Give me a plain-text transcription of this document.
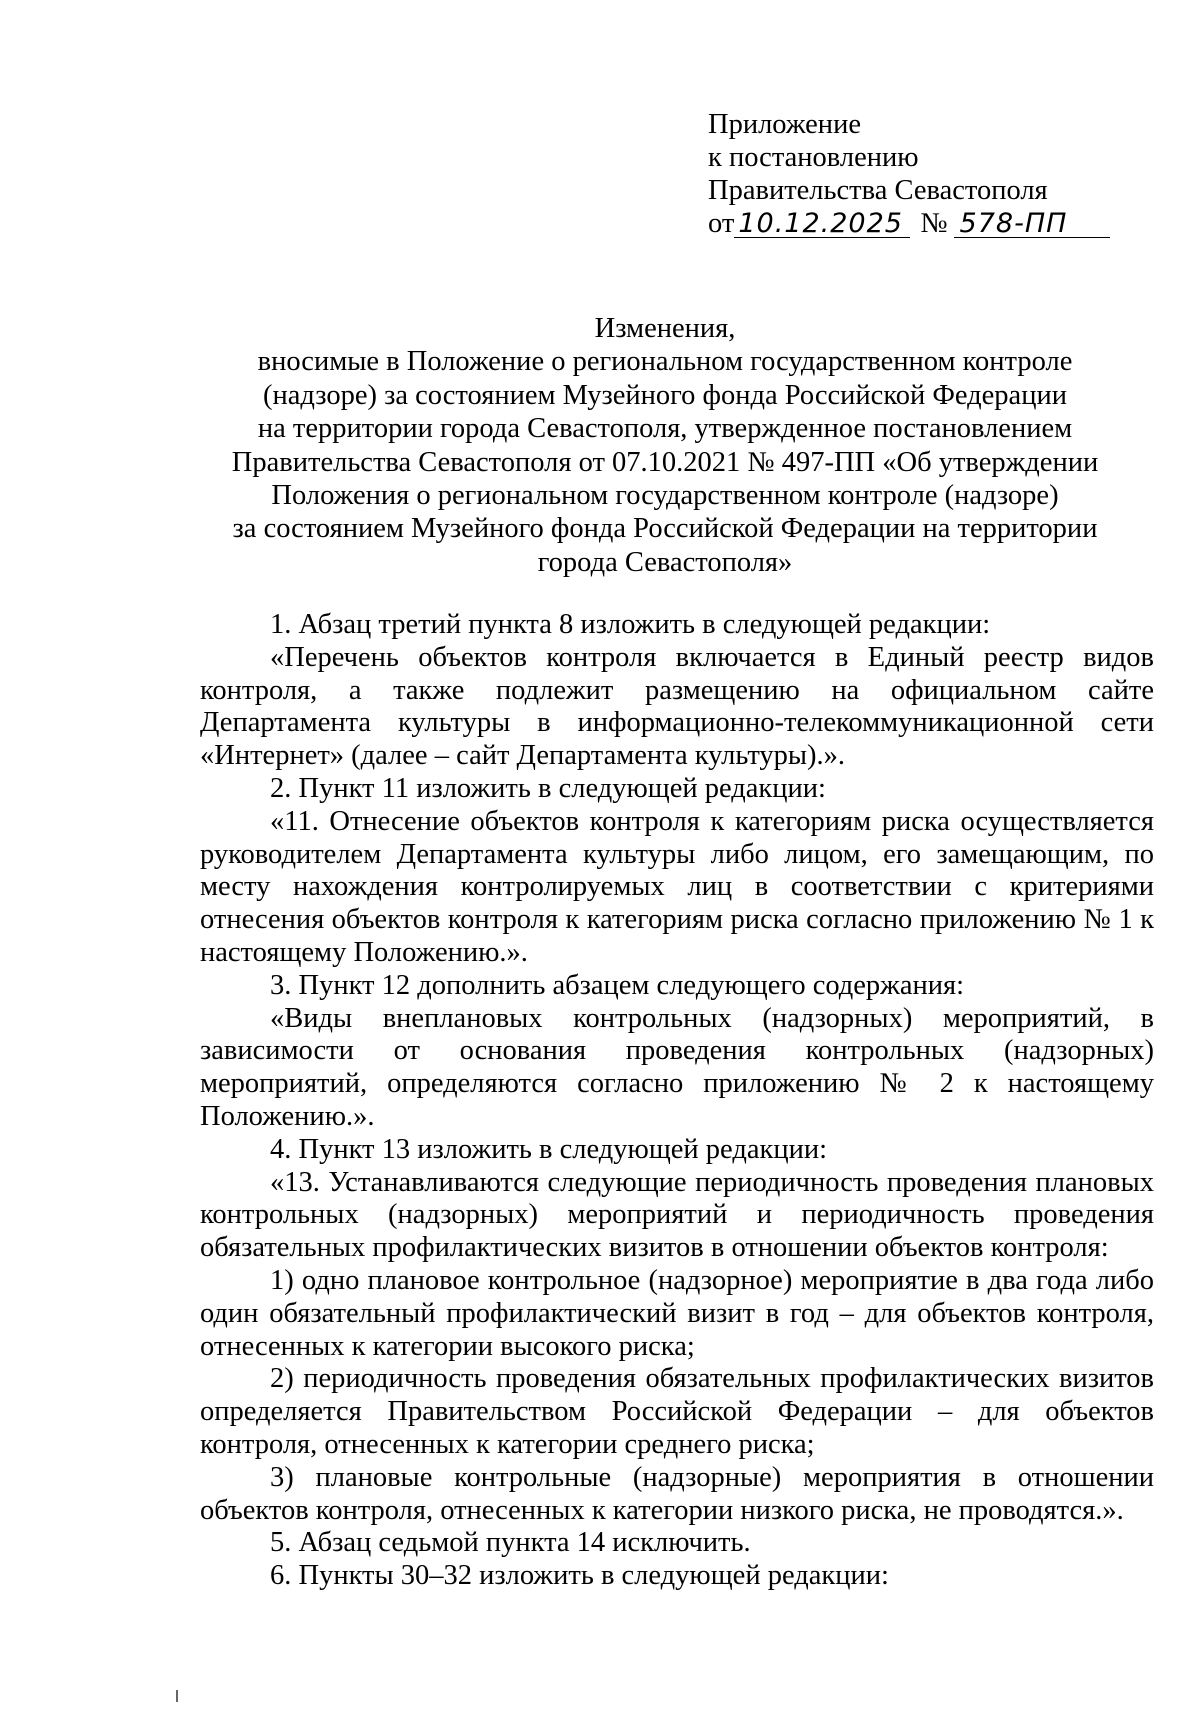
Приложение
к постановлению
Правительства Севастополя
от 10.12.2025 № 578-ПП
Изменения,
вносимые в Положение о региональном государственном контроле
(надзоре) за состоянием Музейного фонда Российской Федерации
на территории города Севастополя, утвержденное постановлением
Правительства Севастополя от 07.10.2021 № 497-ПП «Об утверждении
Положения о региональном государственном контроле (надзоре)
за состоянием Музейного фонда Российской Федерации на территории
города Севастополя»

1. Абзац третий пункта 8 изложить в следующей редакции:

«Перечень объектов контроля включается в Единый реестр видов контроля, а также подлежит размещению на официальном сайте Департамента культуры в информационно-телекоммуникационной сети «Интернет» (далее – сайт Департамента культуры).».

2. Пункт 11 изложить в следующей редакции:

«11. Отнесение объектов контроля к категориям риска осуществляется руководителем Департамента культуры либо лицом, его замещающим, по месту нахождения контролируемых лиц в соответствии с критериями отнесения объектов контроля к категориям риска согласно приложению № 1 к настоящему Положению.».

3. Пункт 12 дополнить абзацем следующего содержания:

«Виды внеплановых контрольных (надзорных) мероприятий, в зависимости от основания проведения контрольных (надзорных) мероприятий, определяются согласно приложению № 2 к настоящему Положению.».

4. Пункт 13 изложить в следующей редакции:

«13. Устанавливаются следующие периодичность проведения плановых контрольных (надзорных) мероприятий и периодичность проведения обязательных профилактических визитов в отношении объектов контроля:

1) одно плановое контрольное (надзорное) мероприятие в два года либо один обязательный профилактический визит в год – для объектов контроля, отнесенных к категории высокого риска;

2) периодичность проведения обязательных профилактических визитов определяется Правительством Российской Федерации – для объектов контроля, отнесенных к категории среднего риска;

3) плановые контрольные (надзорные) мероприятия в отношении объектов контроля, отнесенных к категории низкого риска, не проводятся.».

5. Абзац седьмой пункта 14 исключить.

6. Пункты 30–32 изложить в следующей редакции:
